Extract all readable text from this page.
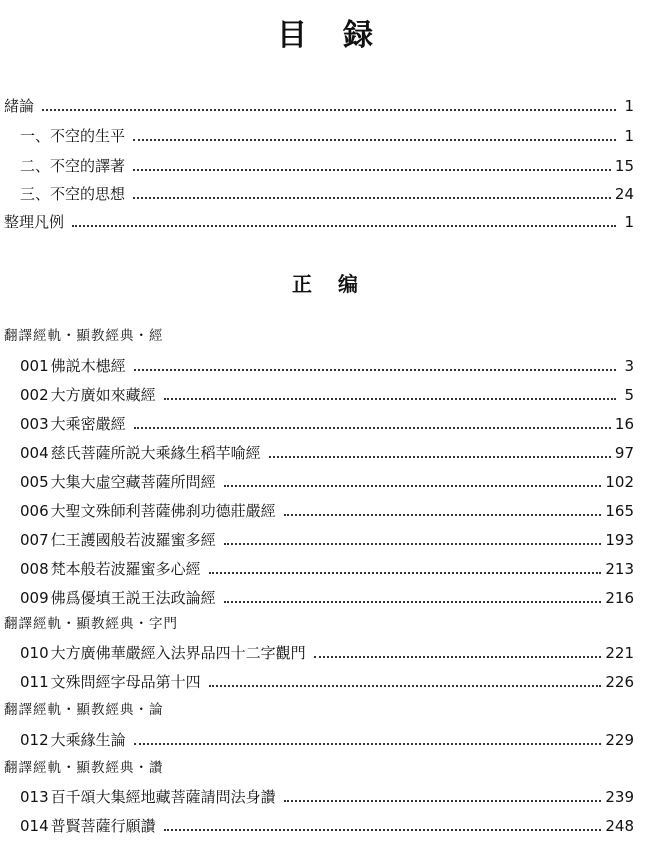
目 録
緒論	1
一、不空的生平	1
二、不空的譯著	15
三、不空的思想	24
整理凡例	1
正 编
翻譯經軌・顯教經典・經
001 佛説木槵經	3
002 大方廣如來藏經	5
003 大乘密嚴經	16
004 慈氏菩薩所説大乘緣生稻芉喻經	97
005 大集大虛空藏菩薩所問經	102
006 大聖文殊師利菩薩佛刹功德莊嚴經	165
007 仁王護國般若波羅蜜多經	193
008 梵本般若波羅蜜多心經	213
009 佛爲優填王説王法政論經	216
翻譯經軌・顯教經典・字門
010 大方廣佛華嚴經入法界品四十二字觀門	221
011 文殊問經字母品第十四	226
翻譯經軌・顯教經典・論
012 大乘緣生論	229
翻譯經軌・顯教經典・讚
013 百千頌大集經地藏菩薩請問法身讚	239
014 普賢菩薩行願讚	248
